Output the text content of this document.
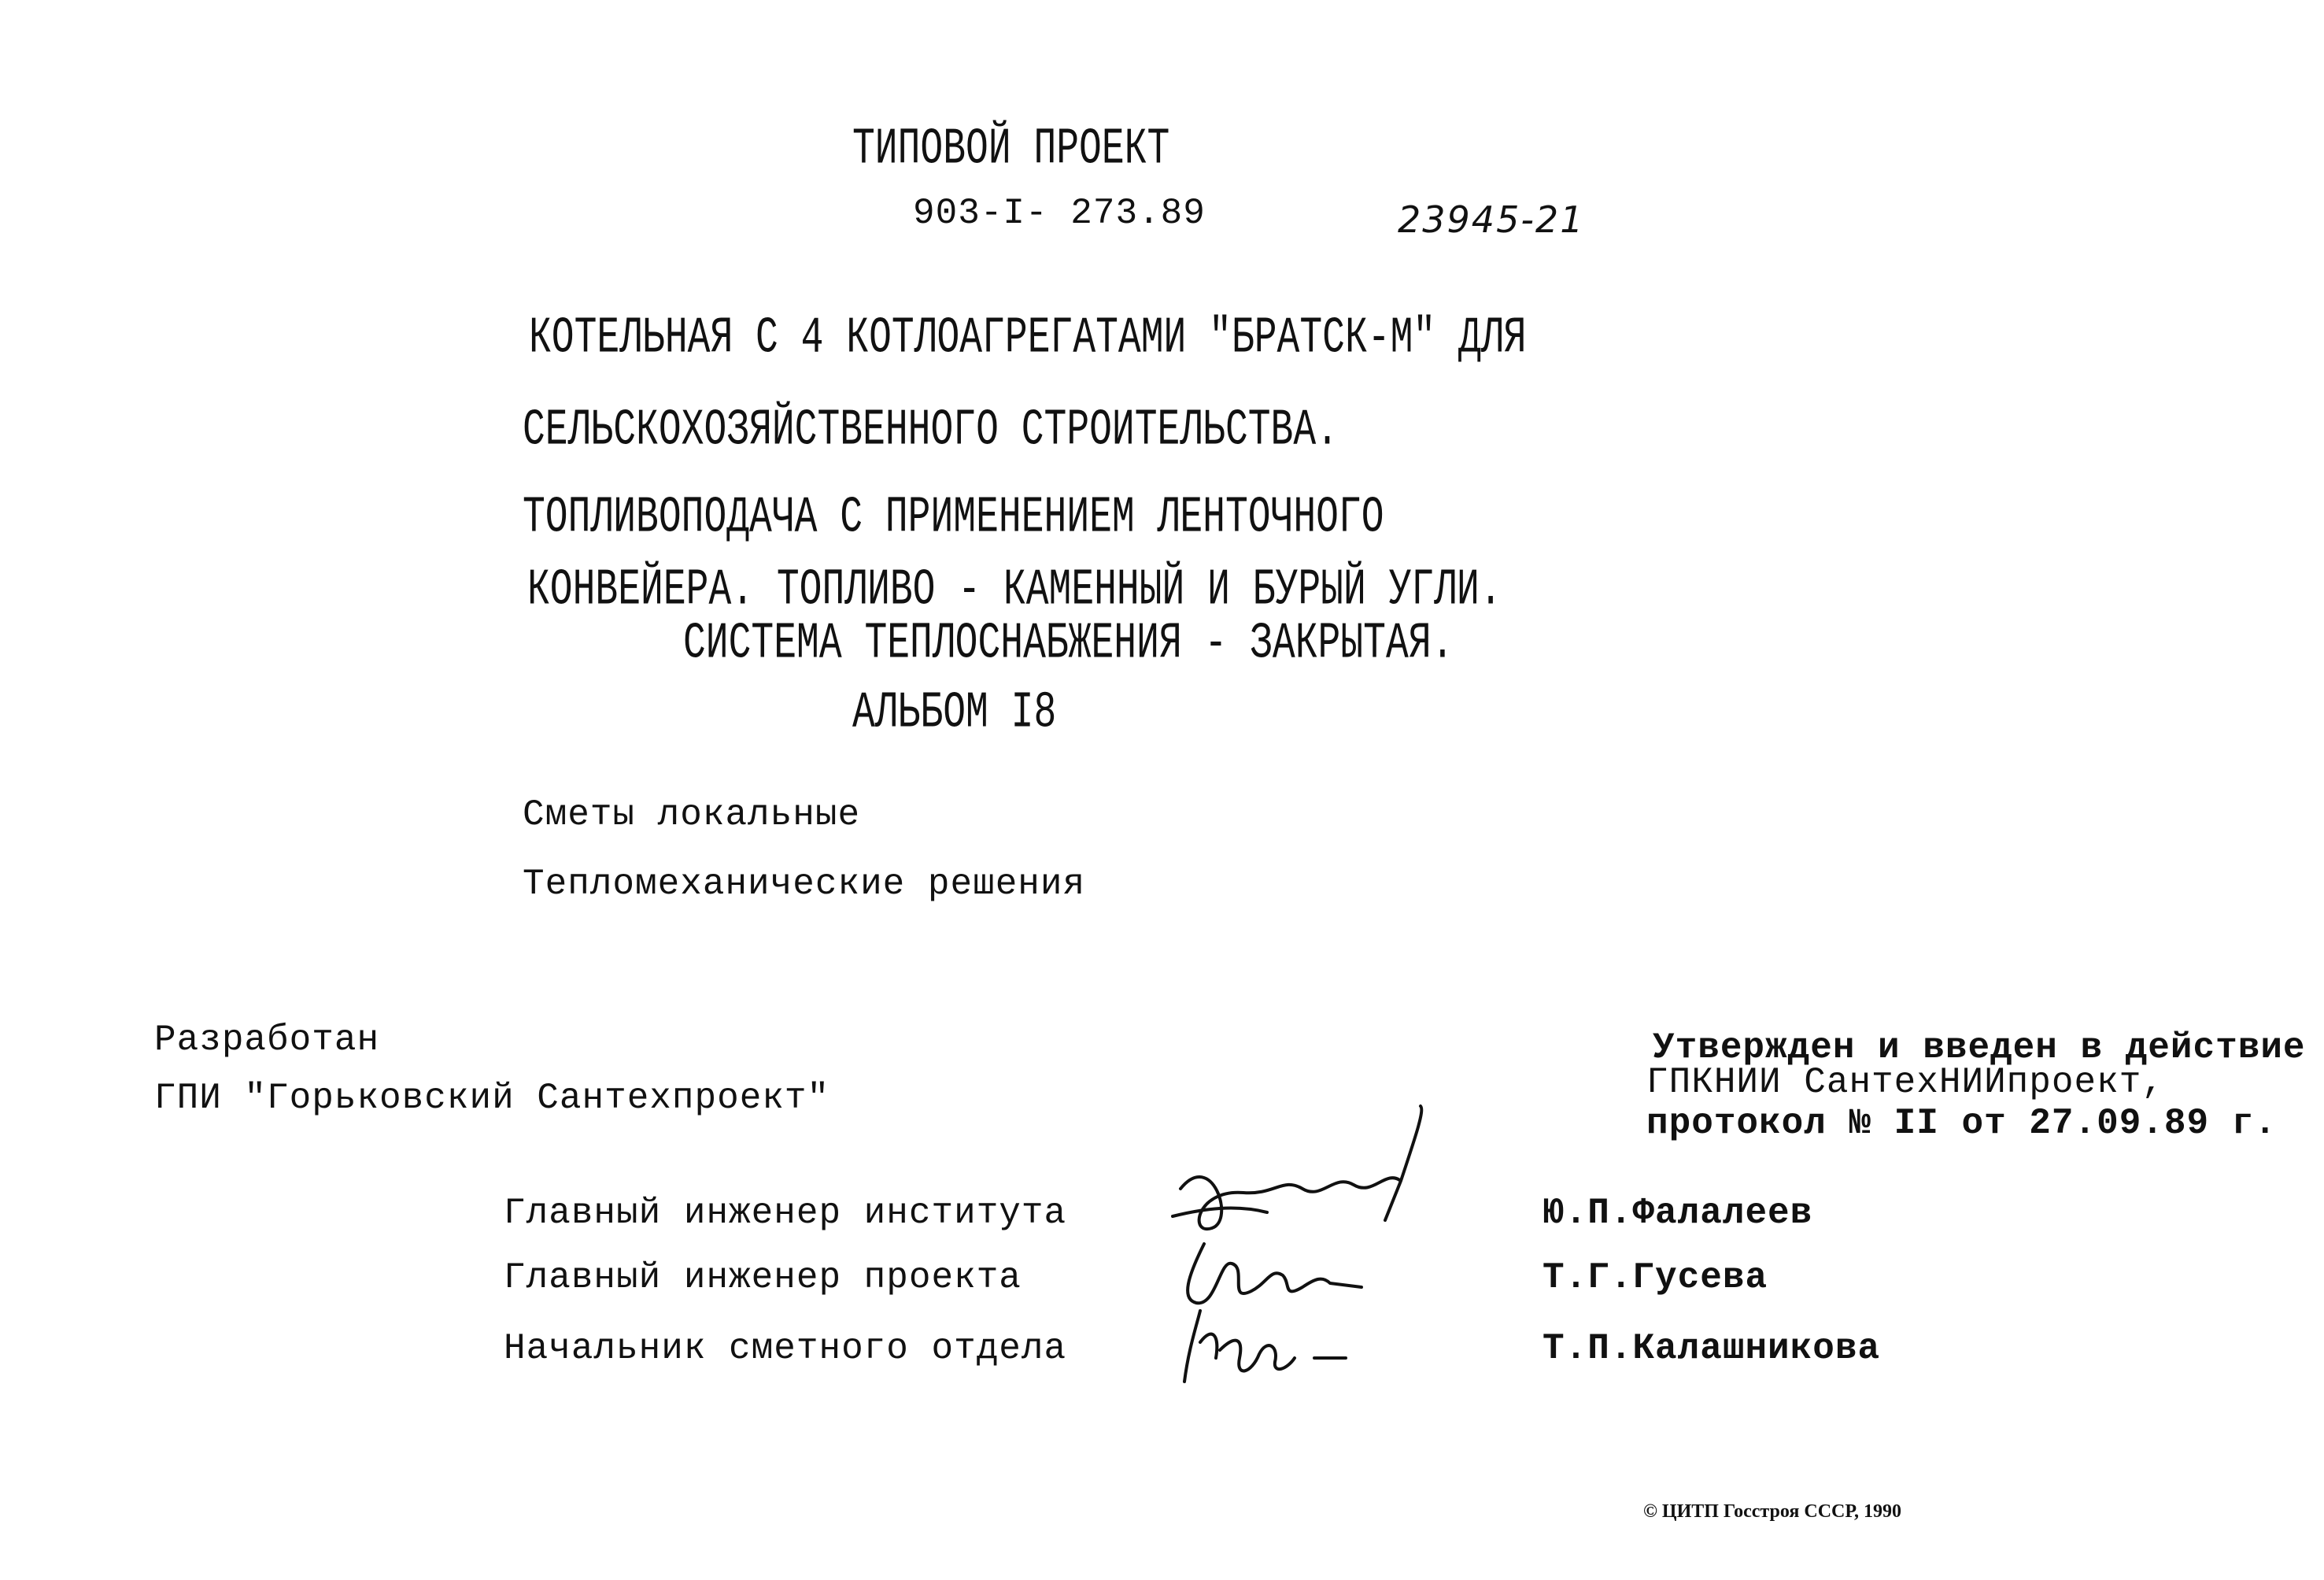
ТИПОВОЙ ПРОЕКТ
903-I- 273.89	23945-21
КОТЕЛЬНАЯ С 4 КОТЛОАГРЕГАТАМИ "БРАТСК-М" ДЛЯ
СЕЛЬСКОХОЗЯЙСТВЕННОГО СТРОИТЕЛЬСТВА.
ТОПЛИВОПОДАЧА С ПРИМЕНЕНИЕМ ЛЕНТОЧНОГО
КОНВЕЙЕРА. ТОПЛИВО - КАМЕННЫЙ И БУРЫЙ УГЛИ.
СИСТЕМА ТЕПЛОСНАБЖЕНИЯ - ЗАКРЫТАЯ.
АЛЬБОМ I8
Сметы локальные
Тепломеханические решения
Разработан
ГПИ "Горьковский Сантехпроект"
Утвержден и введен в действие
ГПКНИИ СантехНИИпроект,
протокол № II от 27.09.89 г.
Главный инженер института
Главный инженер проекта
Начальник сметного отдела
Ю.П.Фалалеев
Т.Г.Гусева
Т.П.Калашникова
© ЦИТП Госстроя СССР, 1990
